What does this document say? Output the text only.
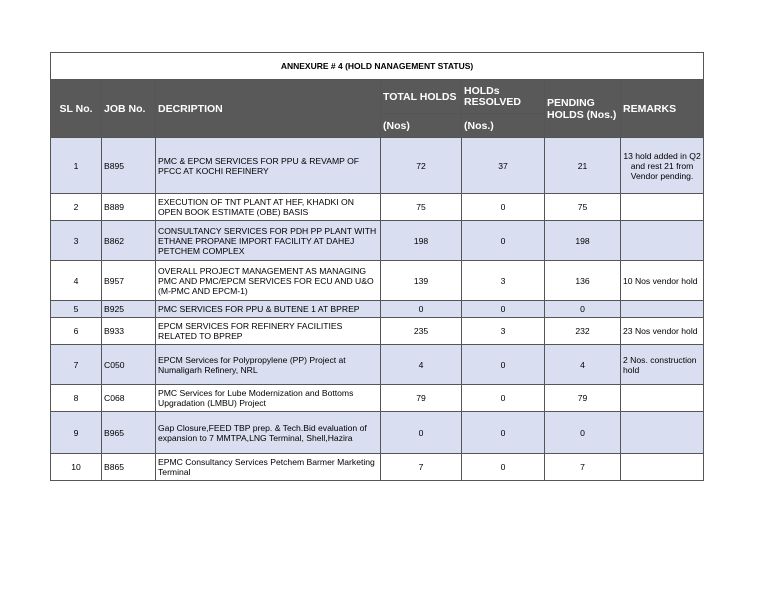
ANNEXURE # 4 (HOLD NANAGEMENT STATUS)						
SL No.	JOB No.	DECRIPTION	TOTAL HOLDS	HOLDs RESOLVED	PENDING HOLDS (Nos.)	REMARKS
			(Nos)	(Nos.)		
1	B895	PMC & EPCM SERVICES FOR PPU & REVAMP OF PFCC AT KOCHI REFINERY	72	37	21	13 hold added in Q2 and rest 21 from Vendor pending.
2	B889	EXECUTION OF TNT PLANT AT HEF, KHADKI ON OPEN BOOK ESTIMATE (OBE) BASIS	75	0	75	
3	B862	CONSULTANCY SERVICES FOR PDH PP PLANT WITH ETHANE PROPANE IMPORT FACILITY AT DAHEJ PETCHEM COMPLEX	198	0	198	
4	B957	OVERALL PROJECT MANAGEMENT AS MANAGING PMC AND PMC/EPCM SERVICES FOR ECU AND U&O (M-PMC AND EPCM-1)	139	3	136	10 Nos vendor hold
5	B925	PMC SERVICES FOR PPU & BUTENE 1 AT BPREP	0	0	0	
6	B933	EPCM SERVICES FOR REFINERY FACILITIES RELATED TO BPREP	235	3	232	23 Nos vendor hold
7	C050	EPCM Services for Polypropylene (PP) Project at Numaligarh Refinery, NRL	4	0	4	2 Nos. construction hold
8	C068	PMC Services for Lube Modernization and Bottoms Upgradation (LMBU) Project	79	0	79	
9	B965	Gap Closure,FEED TBP prep. & Tech.Bid evaluation of expansion to 7 MMTPA,LNG Terminal, Shell,Hazira	0	0	0	
10	B865	EPMC Consultancy Services Petchem Barmer Marketing Terminal	7	0	7	
